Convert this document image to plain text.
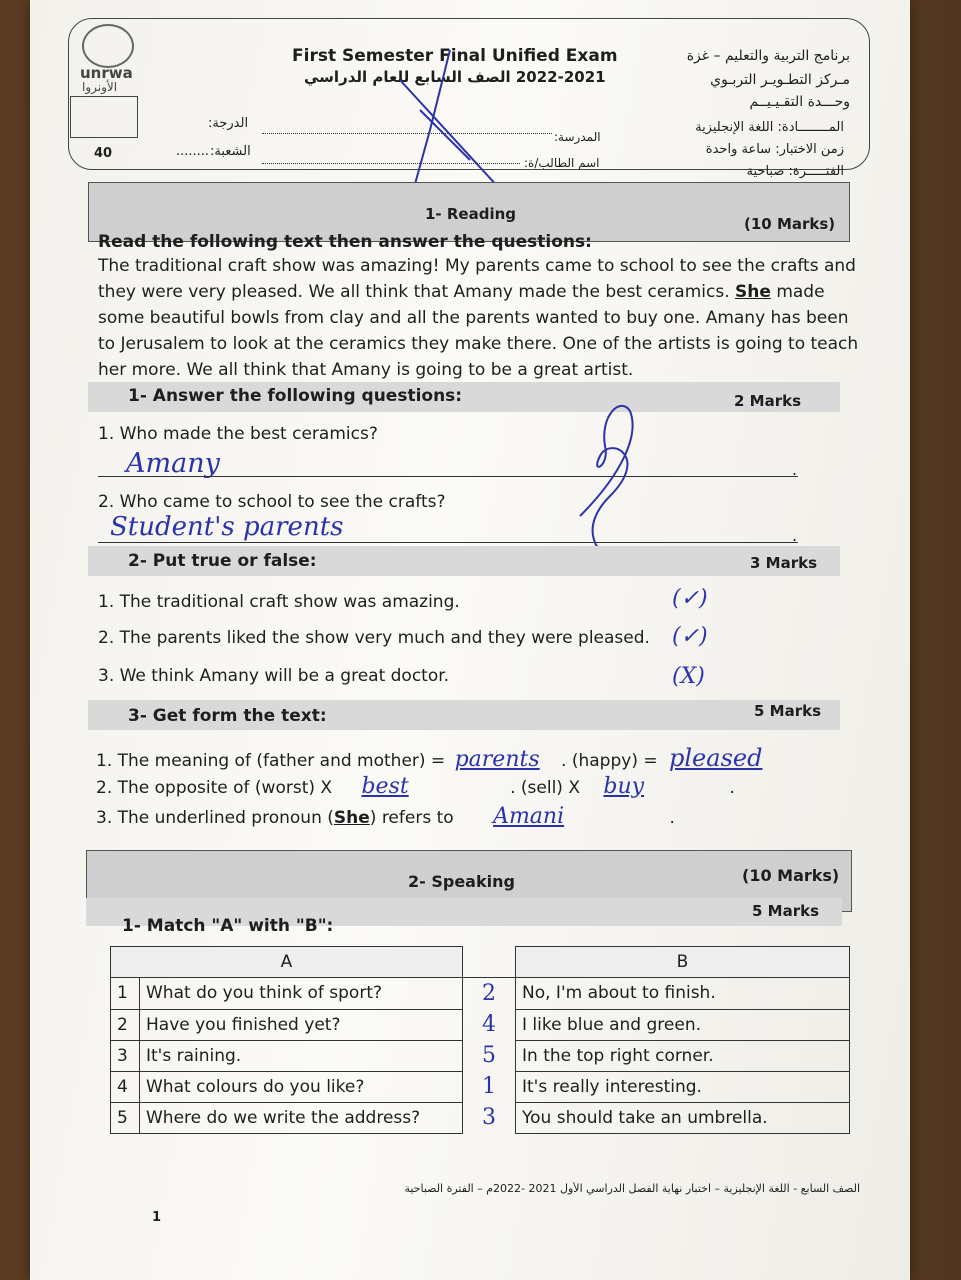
unrwa
الأونروا
First Semester Final Unified Exam
2022-2021 الصف السابع للعام الدراسي
برنامج التربية والتعليم – غزة
مـركز التطـويـر التربـوي
وحـــدة التقـيـيــم
40
الدرجة:
المدرسة:
........ الشعبة:
اسم الطالب/ة:
المــــــــادة: اللغة الإنجليزية
زمن الاختبار: ساعة واحدة
الفتـــــرة: صباحية
1- Reading
(10 Marks)
Read the following text then answer the questions:
The traditional craft show was amazing! My parents came to school to see the crafts and
they were very pleased. We all think that Amany made the best ceramics. She made
some beautiful bowls from clay and all the parents wanted to buy one. Amany has been
to Jerusalem to look at the ceramics they make there. One of the artists is going to teach
her more. We all think that Amany is going to be a great artist.
1- Answer the following questions:	2 Marks
1. Who made the best ceramics?
Amany	.
2. Who came to school to see the crafts?
Student's parents	.
2- Put true or false:	3 Marks
1. The traditional craft show was amazing.	(✓)
2. The parents liked the show very much and they were pleased. (✓)
3. We think Amany will be a great doctor.	(X)
3- Get form the text:	5 Marks
1. The meaning of (father and mother) = parents . (happy) = pleased
2. The opposite of (worst) X best	. (sell) X buy	.
3. The underlined pronoun (She) refers to Amani	.
2- Speaking	(10 Marks)
1- Match "A" with "B":
5 Marks
A			B
1	What do you think of sport?	2	No, I'm about to finish.
2	Have you finished yet?	4	I like blue and green.
3	It's raining.	5	In the top right corner.
4	What colours do you like?	1	It's really interesting.
5	Where do we write the address?	3	You should take an umbrella.
الصف السابع - اللغة الإنجليزية – اختبار نهاية الفصل الدراسي الأول 2021 -2022م – الفترة الصباحية
1
